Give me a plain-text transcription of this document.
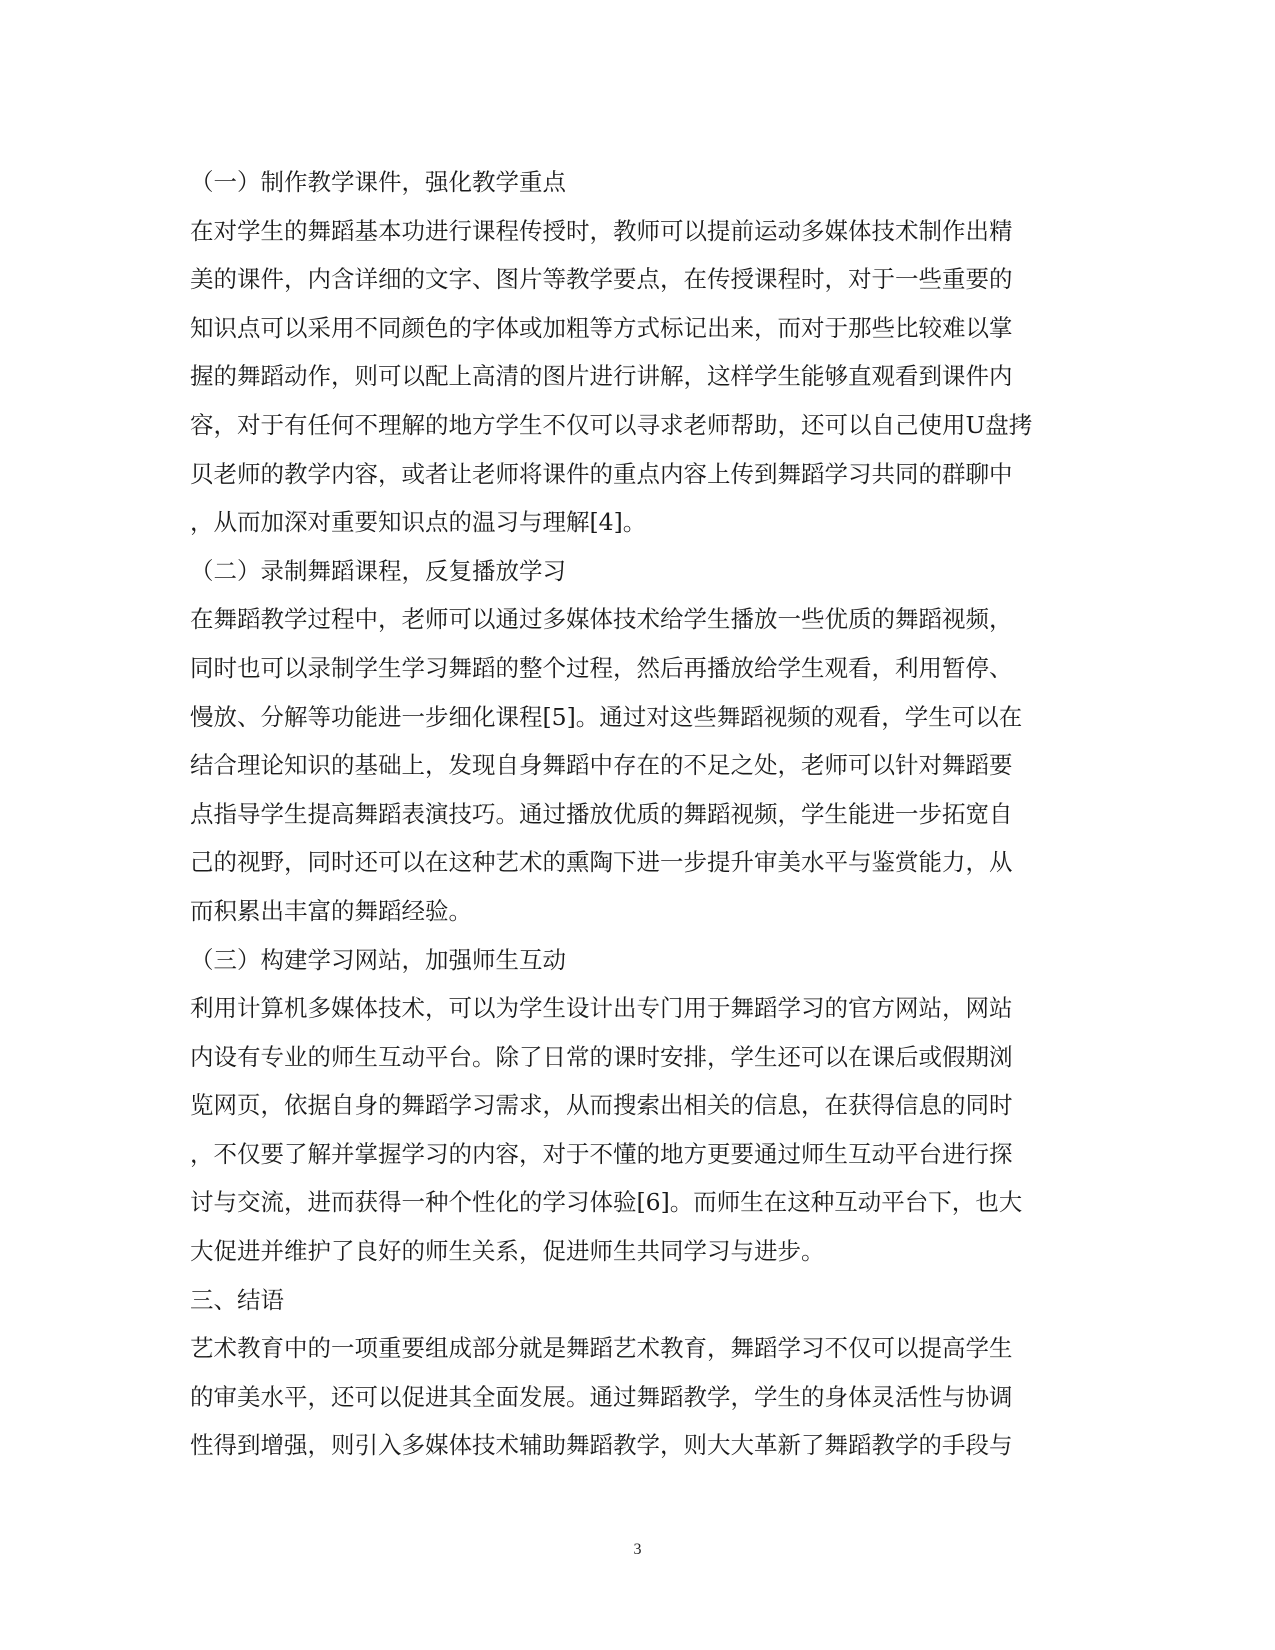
（一）制作教学课件，强化教学重点
在对学生的舞蹈基本功进行课程传授时，教师可以提前运动多媒体技术制作出精
美的课件，内含详细的文字、图片等教学要点，在传授课程时，对于一些重要的
知识点可以采用不同颜色的字体或加粗等方式标记出来，而对于那些比较难以掌
握的舞蹈动作，则可以配上高清的图片进行讲解，这样学生能够直观看到课件内
容，对于有任何不理解的地方学生不仅可以寻求老师帮助，还可以自己使用U盘拷
贝老师的教学内容，或者让老师将课件的重点内容上传到舞蹈学习共同的群聊中
，从而加深对重要知识点的温习与理解[4]。
（二）录制舞蹈课程，反复播放学习
在舞蹈教学过程中，老师可以通过多媒体技术给学生播放一些优质的舞蹈视频，
同时也可以录制学生学习舞蹈的整个过程，然后再播放给学生观看，利用暂停、
慢放、分解等功能进一步细化课程[5]。通过对这些舞蹈视频的观看，学生可以在
结合理论知识的基础上，发现自身舞蹈中存在的不足之处，老师可以针对舞蹈要
点指导学生提高舞蹈表演技巧。通过播放优质的舞蹈视频，学生能进一步拓宽自
己的视野，同时还可以在这种艺术的熏陶下进一步提升审美水平与鉴赏能力，从
而积累出丰富的舞蹈经验。
（三）构建学习网站，加强师生互动
利用计算机多媒体技术，可以为学生设计出专门用于舞蹈学习的官方网站，网站
内设有专业的师生互动平台。除了日常的课时安排，学生还可以在课后或假期浏
览网页，依据自身的舞蹈学习需求，从而搜索出相关的信息，在获得信息的同时
，不仅要了解并掌握学习的内容，对于不懂的地方更要通过师生互动平台进行探
讨与交流，进而获得一种个性化的学习体验[6]。而师生在这种互动平台下，也大
大促进并维护了良好的师生关系，促进师生共同学习与进步。
三、结语
艺术教育中的一项重要组成部分就是舞蹈艺术教育，舞蹈学习不仅可以提高学生
的审美水平，还可以促进其全面发展。通过舞蹈教学，学生的身体灵活性与协调
性得到增强，则引入多媒体技术辅助舞蹈教学，则大大革新了舞蹈教学的手段与
3
